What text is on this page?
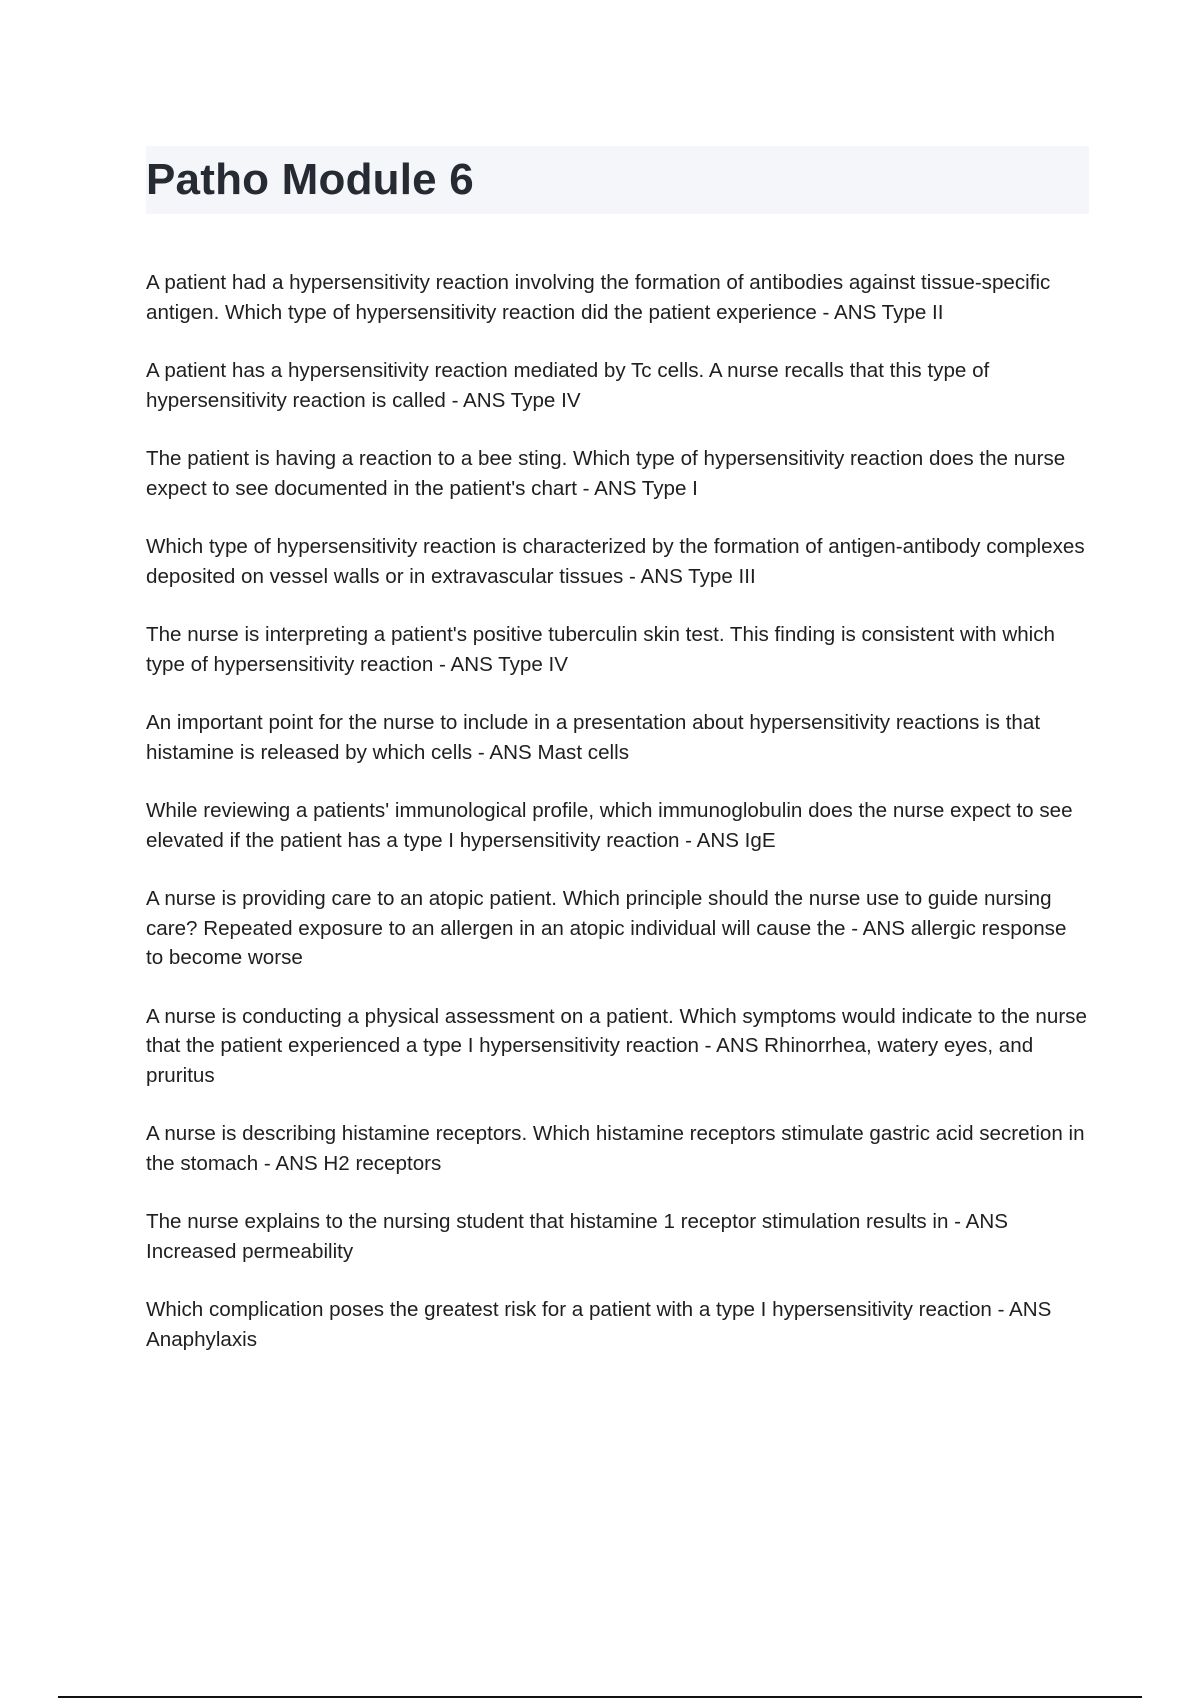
Patho Module 6

A patient had a hypersensitivity reaction involving the formation of antibodies against tissue-specific antigen. Which type of hypersensitivity reaction did the patient experience - ANS Type II

A patient has a hypersensitivity reaction mediated by Tc cells. A nurse recalls that this type of hypersensitivity reaction is called - ANS Type IV

The patient is having a reaction to a bee sting. Which type of hypersensitivity reaction does the nurse expect to see documented in the patient's chart - ANS Type I

Which type of hypersensitivity reaction is characterized by the formation of antigen-antibody complexes deposited on vessel walls or in extravascular tissues - ANS Type III

The nurse is interpreting a patient's positive tuberculin skin test. This finding is consistent with which type of hypersensitivity reaction - ANS Type IV

An important point for the nurse to include in a presentation about hypersensitivity reactions is that histamine is released by which cells - ANS Mast cells

While reviewing a patients' immunological profile, which immunoglobulin does the nurse expect to see elevated if the patient has a type I hypersensitivity reaction - ANS IgE

A nurse is providing care to an atopic patient. Which principle should the nurse use to guide nursing care? Repeated exposure to an allergen in an atopic individual will cause the - ANS allergic response to become worse

A nurse is conducting a physical assessment on a patient. Which symptoms would indicate to the nurse that the patient experienced a type I hypersensitivity reaction - ANS Rhinorrhea, watery eyes, and pruritus

A nurse is describing histamine receptors. Which histamine receptors stimulate gastric acid secretion in the stomach - ANS H2 receptors

The nurse explains to the nursing student that histamine 1 receptor stimulation results in - ANS Increased permeability

Which complication poses the greatest risk for a patient with a type I hypersensitivity reaction - ANS Anaphylaxis
